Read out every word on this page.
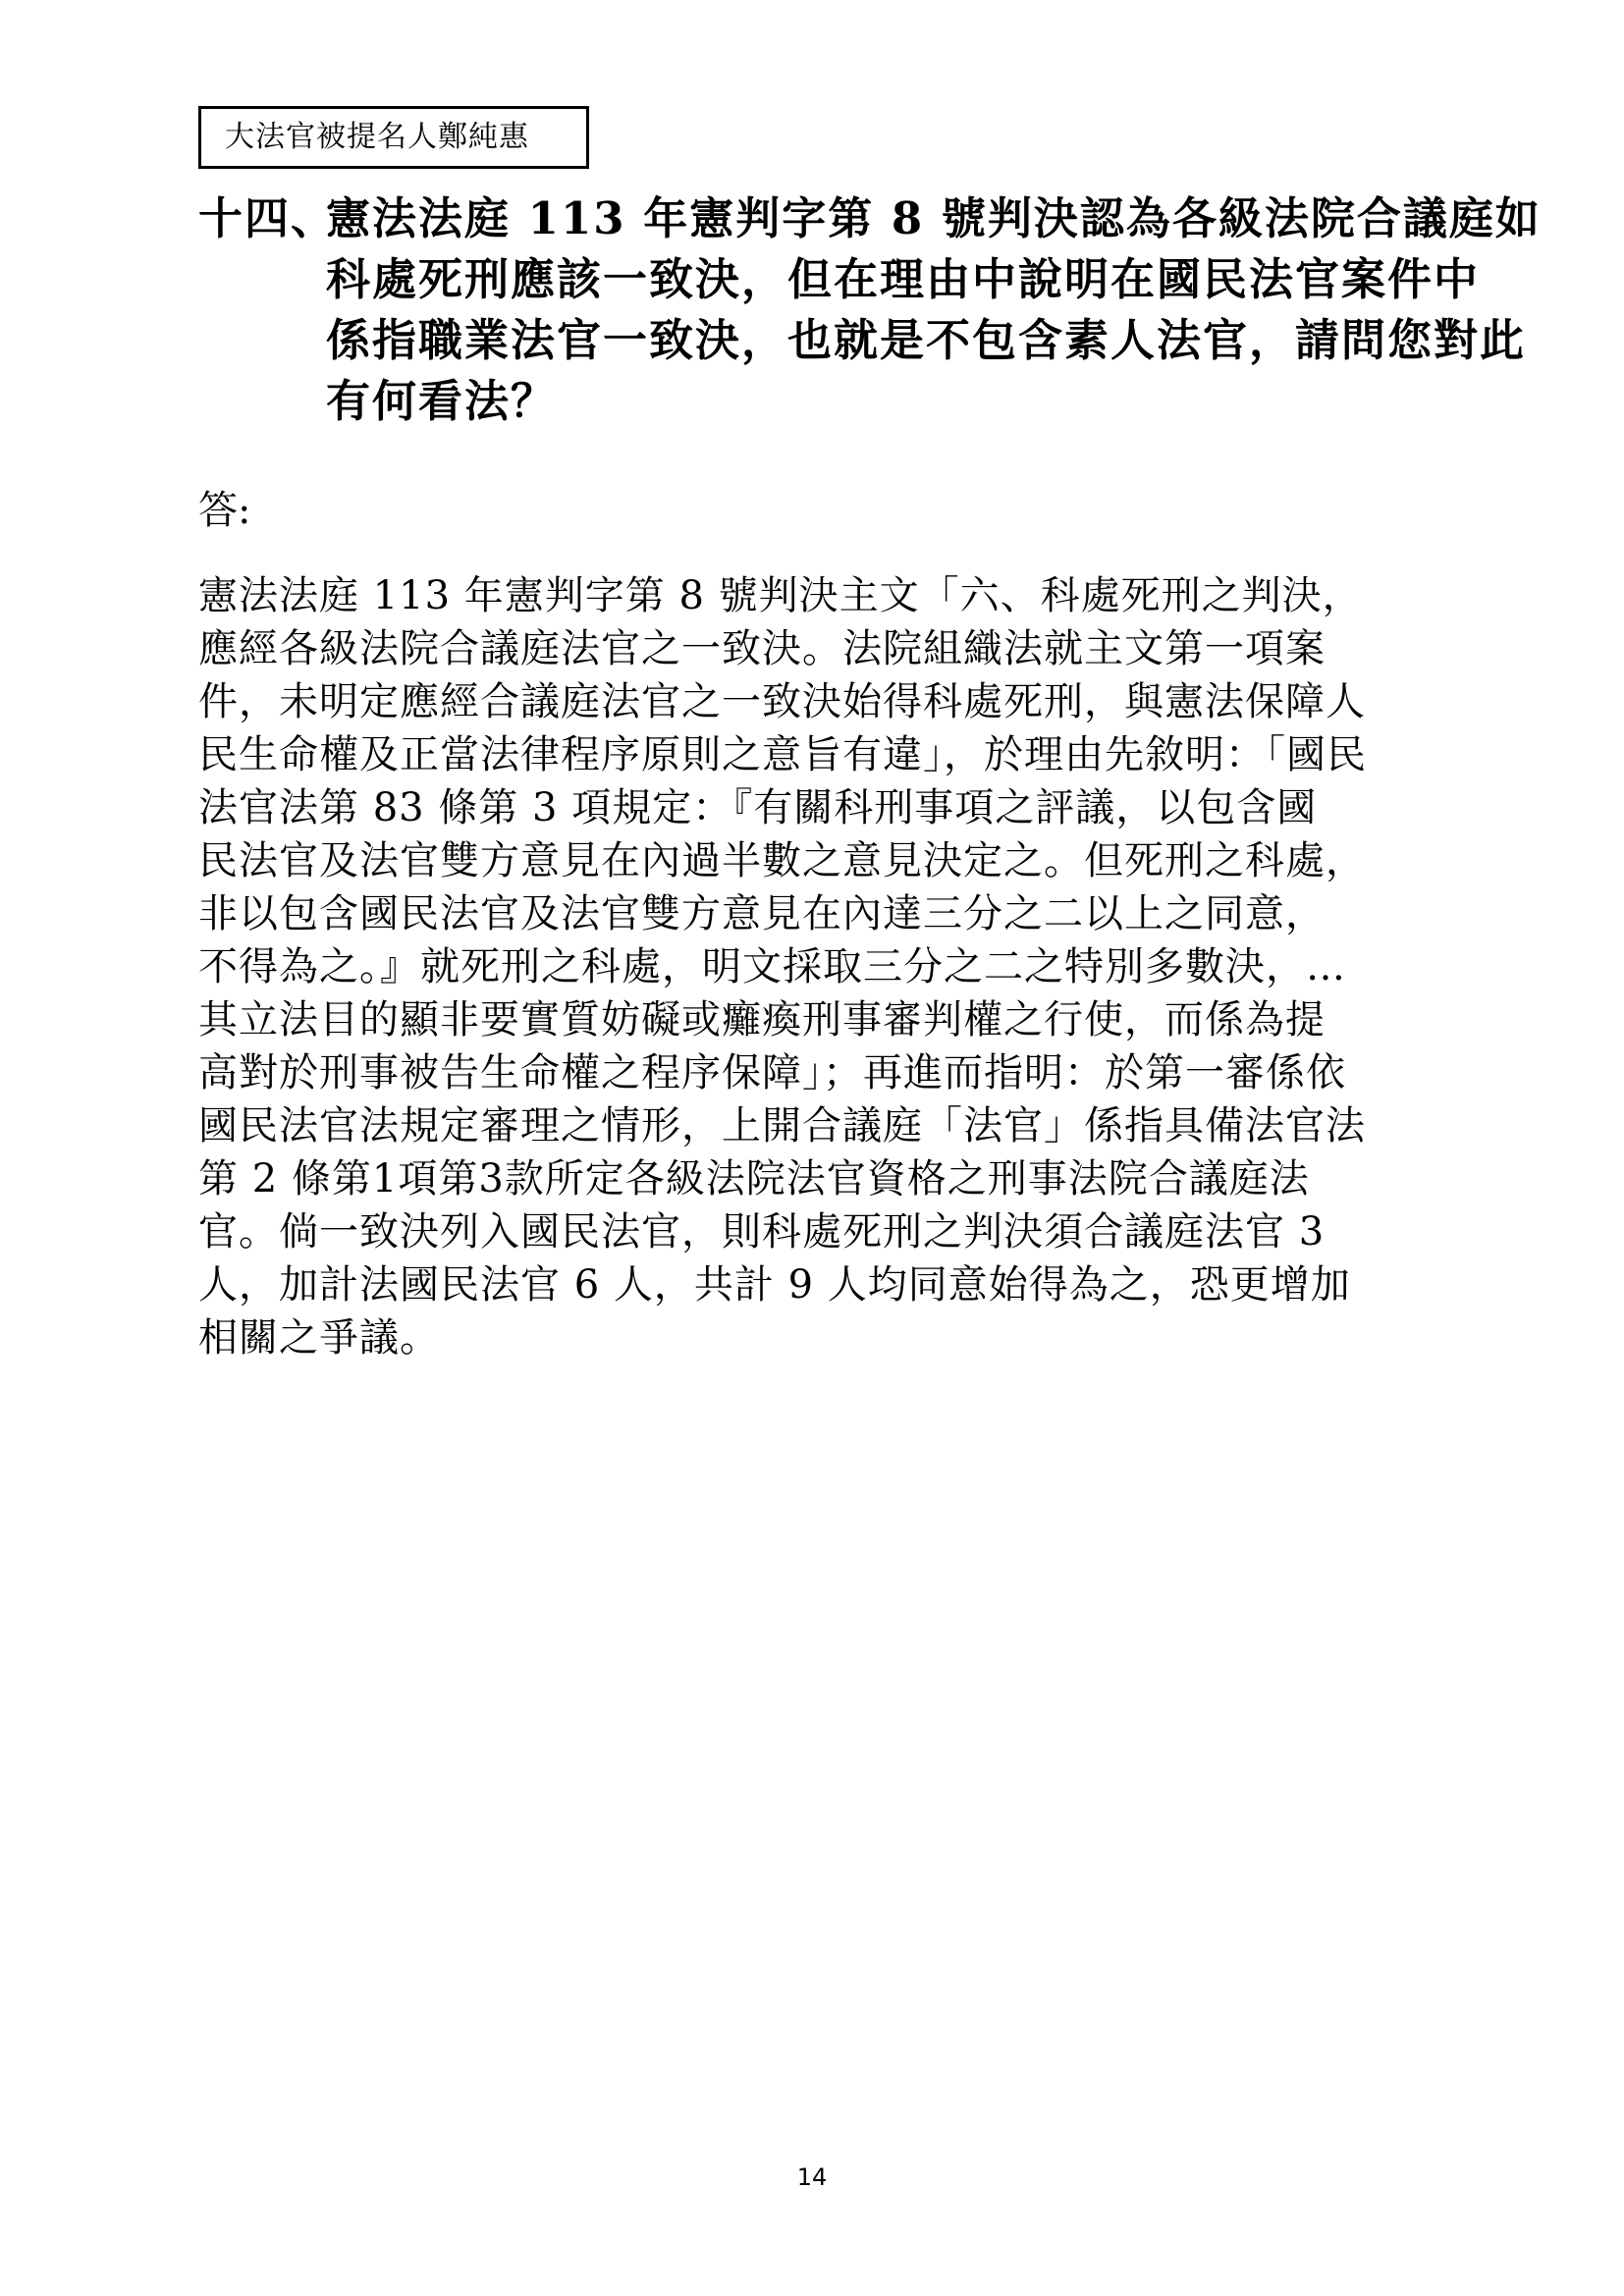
大法官被提名人鄭純惠
十四、憲法法庭 113 年憲判字第 8 號判決認為各級法院合議庭如
科處死刑應該一致決，但在理由中說明在國民法官案件中
係指職業法官一致決，也就是不包含素人法官，請問您對此
有何看法？
答:
憲法法庭 113 年憲判字第 8 號判決主文「六、科處死刑之判決，
應經各級法院合議庭法官之一致決。法院組織法就主文第一項案
件，未明定應經合議庭法官之一致決始得科處死刑，與憲法保障人
民生命權及正當法律程序原則之意旨有違」，於理由先敘明：「國民
法官法第 83 條第 3 項規定：『有關科刑事項之評議，以包含國
民法官及法官雙方意見在內過半數之意見決定之。但死刑之科處，
非以包含國民法官及法官雙方意見在內達三分之二以上之同意，
不得為之。』就死刑之科處，明文採取三分之二之特別多數決，…
其立法目的顯非要實質妨礙或癱瘓刑事審判權之行使，而係為提
高對於刑事被告生命權之程序保障」；再進而指明：於第一審係依
國民法官法規定審理之情形，上開合議庭「法官」係指具備法官法
第 2 條第1項第3款所定各級法院法官資格之刑事法院合議庭法
官。倘一致決列入國民法官，則科處死刑之判決須合議庭法官 3
人，加計法國民法官 6 人，共計 9 人均同意始得為之，恐更增加
相關之爭議。
14
